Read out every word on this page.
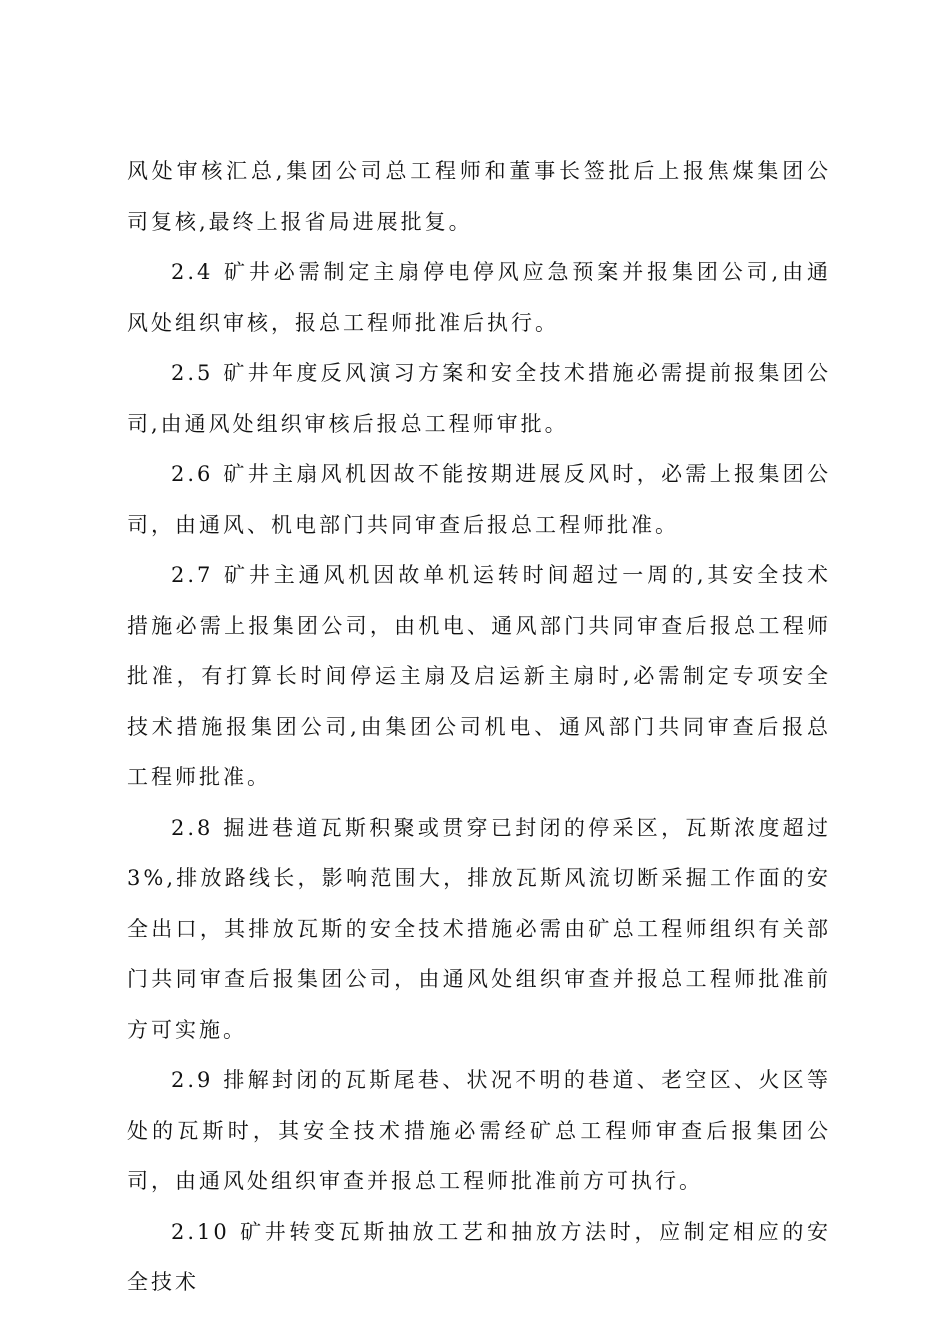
风处审核汇总,集团公司总工程师和董事长签批后上报焦煤集团公司复核,最终上报省局进展批复。

2.4 矿井必需制定主扇停电停风应急预案并报集团公司,由通风处组织审核，报总工程师批准后执行。

2.5 矿井年度反风演习方案和安全技术措施必需提前报集团公司,由通风处组织审核后报总工程师审批。

2.6 矿井主扇风机因故不能按期进展反风时，必需上报集团公司，由通风、机电部门共同审查后报总工程师批准。

2.7 矿井主通风机因故单机运转时间超过一周的,其安全技术措施必需上报集团公司，由机电、通风部门共同审查后报总工程师批准，有打算长时间停运主扇及启运新主扇时,必需制定专项安全技术措施报集团公司,由集团公司机电、通风部门共同审查后报总工程师批准。

2.8 掘进巷道瓦斯积聚或贯穿已封闭的停采区，瓦斯浓度超过 3%,排放路线长，影响范围大，排放瓦斯风流切断采掘工作面的安全出口，其排放瓦斯的安全技术措施必需由矿总工程师组织有关部门共同审查后报集团公司，由通风处组织审查并报总工程师批准前方可实施。

2.9 排解封闭的瓦斯尾巷、状况不明的巷道、老空区、火区等处的瓦斯时，其安全技术措施必需经矿总工程师审查后报集团公司，由通风处组织审查并报总工程师批准前方可执行。

2.10 矿井转变瓦斯抽放工艺和抽放方法时，应制定相应的安全技术
